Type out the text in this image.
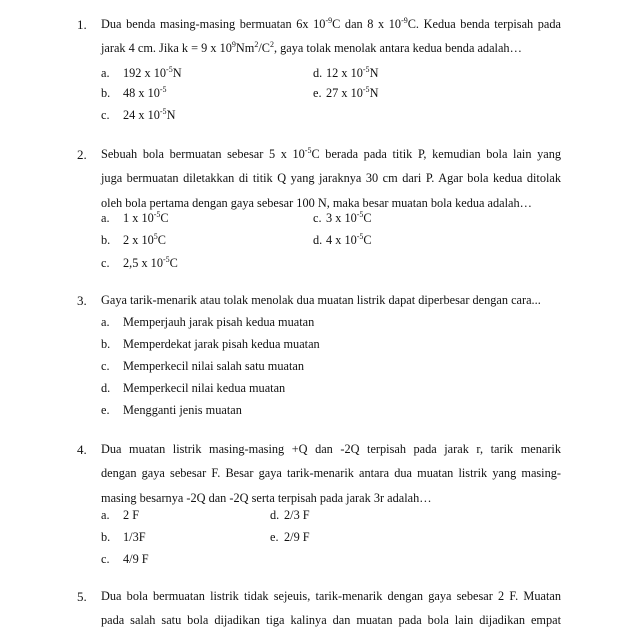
1. Dua benda masing-masing bermuatan 6x $10^{-9}C$ dan 8 x $10^{-9}C$. Kedua benda terpisah pada
jarak 4 cm. Jika k = 9 x $10^9Nm^2/C^2$, gaya tolak menolak antara kedua benda adalah…
a. 192 x $10^{-5}N$	d. 12 x $10^{-5}N$
b. 48 x $10^{-5}$	e. 27 x $10^{-5}N$
c. 24 x $10^{-5}N$
2. Sebuah bola bermuatan sebesar 5 x $10^{-5}C$ berada pada titik P, kemudian bola lain yang
juga bermuatan diletakkan di titik Q yang jaraknya 30 cm dari P. Agar bola kedua ditolak
oleh bola pertama dengan gaya sebesar 100 N, maka besar muatan bola kedua adalah…
a. 1 x $10^{-5}C$	c. 3 x $10^{-5}C$
b. 2 x $10^5C$	d. 4 x $10^{-5}C$
c. 2,5 x $10^{-5}C$
3. Gaya tarik-menarik atau tolak menolak dua muatan listrik dapat diperbesar dengan cara...
a. Memperjauh jarak pisah kedua muatan
b. Memperdekat jarak pisah kedua muatan
c. Memperkecil nilai salah satu muatan
d. Memperkecil nilai kedua muatan
e. Mengganti jenis muatan
4. Dua muatan listrik masing-masing +Q dan -2Q terpisah pada jarak r, tarik menarik
dengan gaya sebesar F. Besar gaya tarik-menarik antara dua muatan listrik yang masing-
masing besarnya -2Q dan -2Q serta terpisah pada jarak 3r adalah…
a. 2 F	d. 2/3 F
b. 1/3F	e. 2/9 F
c. 4/9 F
5. Dua bola bermuatan listrik tidak sejeuis, tarik-menarik dengan gaya sebesar 2 F. Muatan
pada salah satu bola dijadikan tiga kalinya dan muatan pada bola lain dijadikan empat
